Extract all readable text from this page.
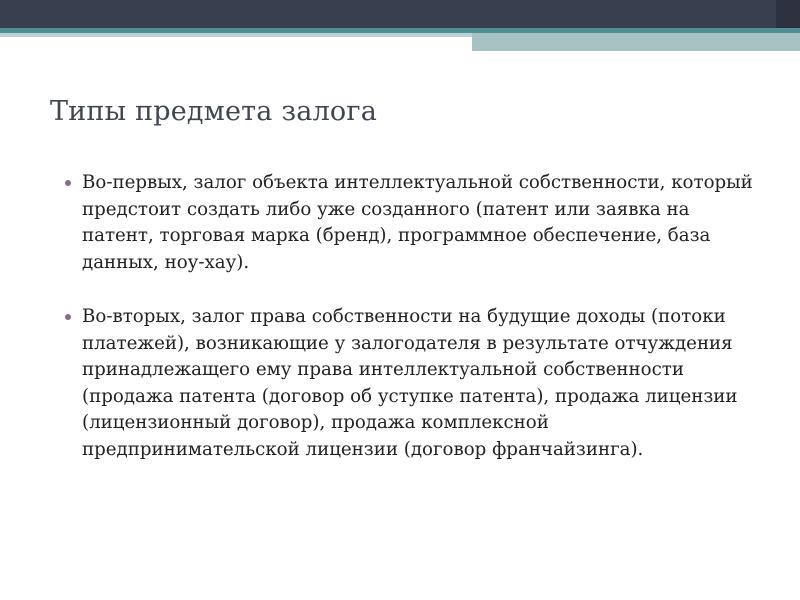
Типы предмета залога
Во-первых, залог объекта интеллектуальной собственности, который предстоит создать либо уже созданного (патент или заявка на патент, торговая марка (бренд), программное обеспечение, база данных, ноу-хау).
Во-вторых, залог права собственности на будущие доходы (потоки платежей), возникающие у залогодателя в результате отчуждения принадлежащего ему права интеллектуальной собственности (продажа патента (договор об уступке патента), продажа лицензии (лицензионный договор), продажа комплексной предпринимательской лицензии (договор франчайзинга).
